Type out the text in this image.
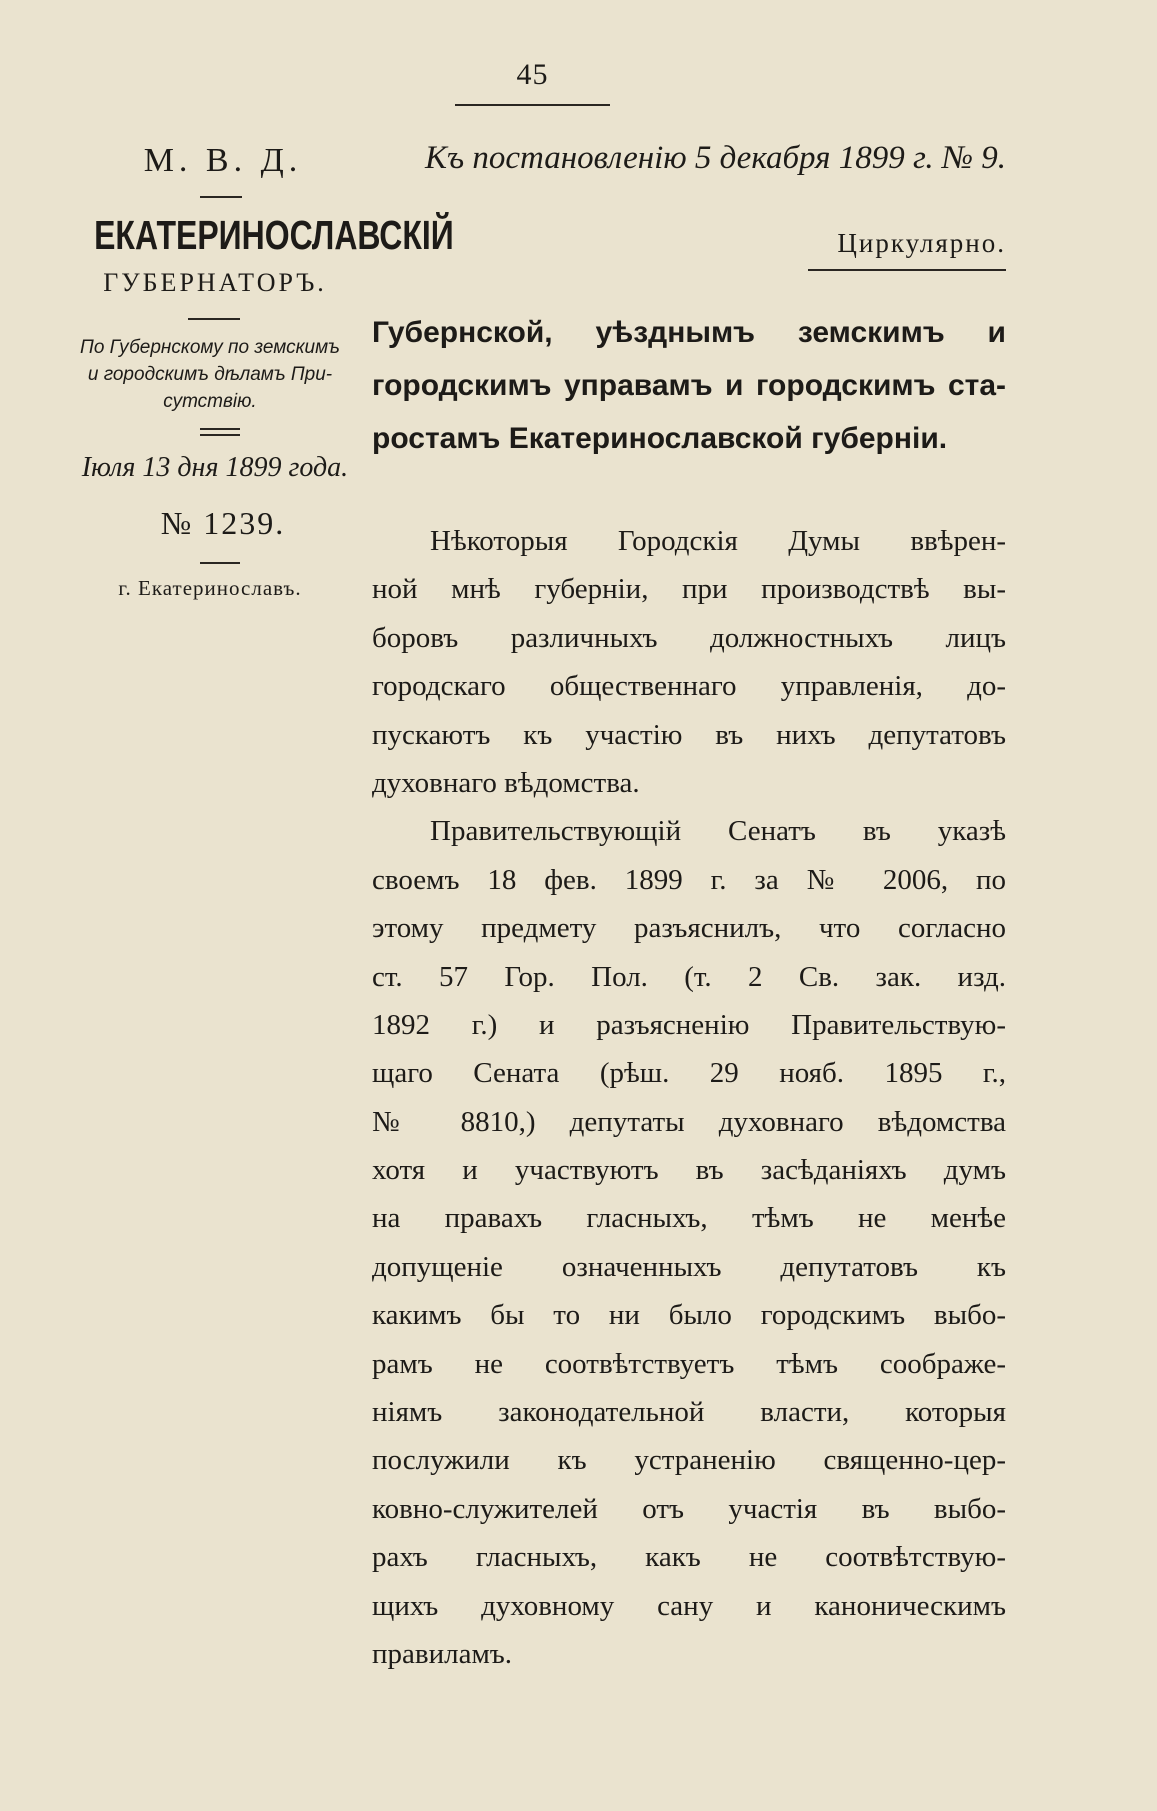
45
М. В. Д.
ЕКАТЕРИНОСЛАВСКІЙ
ГУБЕРНАТОРЪ.
По Губернскому по земскимъ
и городскимъ дѣламъ При-
сутствію.
Іюля 13 дня 1899 года.
№ 1239.
г. Екатеринославъ.
Къ постановленію 5 декабря 1899 г. № 9.
Циркулярно.
Губернской, уѣзднымъ земскимъ и
городскимъ управамъ и городскимъ ста-
ростамъ Екатеринославской губерніи.
Нѣкоторыя Городскія Думы ввѣрен-
ной мнѣ губерніи, при производствѣ вы-
боровъ различныхъ должностныхъ лицъ
городскаго общественнаго управленія, до-
пускаютъ къ участію въ нихъ депутатовъ
духовнаго вѣдомства.
Правительствующій Сенатъ въ указѣ
своемъ 18 фев. 1899 г. за № 2006, по
этому предмету разъяснилъ, что согласно
ст. 57 Гор. Пол. (т. 2 Св. зак. изд.
1892 г.) и разъясненію Правительствую-
щаго Сената (рѣш. 29 нояб. 1895 г.,
№ 8810,) депутаты духовнаго вѣдомства
хотя и участвуютъ въ засѣданіяхъ думъ
на правахъ гласныхъ, тѣмъ не менѣе
допущеніе означенныхъ депутатовъ къ
какимъ бы то ни было городскимъ выбо-
рамъ не соотвѣтствуетъ тѣмъ соображе-
ніямъ законодательной власти, которыя
послужили къ устраненію священно-цер-
ковно-служителей отъ участія въ выбо-
рахъ гласныхъ, какъ не соотвѣтствую-
щихъ духовному сану и каноническимъ
правиламъ.
